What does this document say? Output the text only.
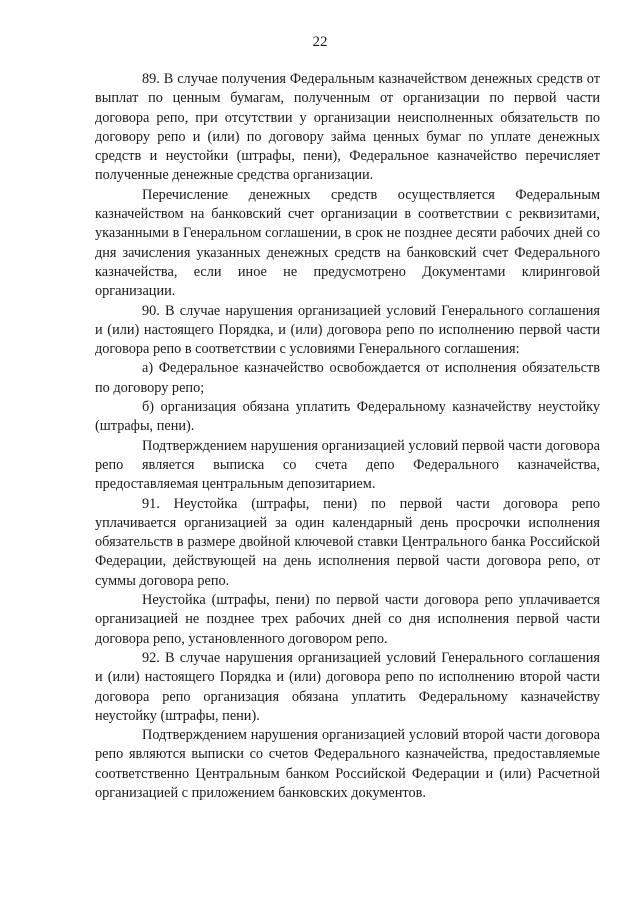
22

89. В случае получения Федеральным казначейством денежных средств от выплат по ценным бумагам, полученным от организации по первой части договора репо, при отсутствии у организации неисполненных обязательств по договору репо и (или) по договору займа ценных бумаг по уплате денежных средств и неустойки (штрафы, пени), Федеральное казначейство перечисляет полученные денежные средства организации.

Перечисление денежных средств осуществляется Федеральным казначейством на банковский счет организации в соответствии с реквизитами, указанными в Генеральном соглашении, в срок не позднее десяти рабочих дней со дня зачисления указанных денежных средств на банковский счет Федерального казначейства, если иное не предусмотрено Документами клиринговой организации.

90. В случае нарушения организацией условий Генерального соглашения и (или) настоящего Порядка, и (или) договора репо по исполнению первой части договора репо в соответствии с условиями Генерального соглашения:

а) Федеральное казначейство освобождается от исполнения обязательств по договору репо;

б) организация обязана уплатить Федеральному казначейству неустойку (штрафы, пени).

Подтверждением нарушения организацией условий первой части договора репо является выписка со счета депо Федерального казначейства, предоставляемая центральным депозитарием.

91. Неустойка (штрафы, пени) по первой части договора репо уплачивается организацией за один календарный день просрочки исполнения обязательств в размере двойной ключевой ставки Центрального банка Российской Федерации, действующей на день исполнения первой части договора репо, от суммы договора репо.

Неустойка (штрафы, пени) по первой части договора репо уплачивается организацией не позднее трех рабочих дней со дня исполнения первой части договора репо, установленного договором репо.

92. В случае нарушения организацией условий Генерального соглашения и (или) настоящего Порядка и (или) договора репо по исполнению второй части договора репо организация обязана уплатить Федеральному казначейству неустойку (штрафы, пени).

Подтверждением нарушения организацией условий второй части договора репо являются выписки со счетов Федерального казначейства, предоставляемые соответственно Центральным банком Российской Федерации и (или) Расчетной организацией с приложением банковских документов.
